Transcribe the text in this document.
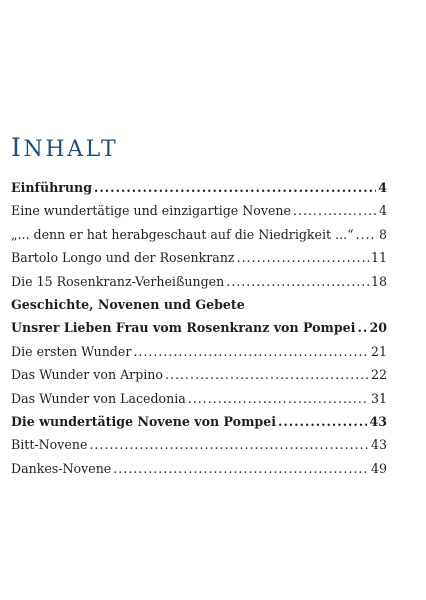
INHALT
Einführung .....	4
Eine wundertätige und einzigartige Novene .....	4
„... denn er hat herabgeschaut auf die Niedrigkeit ...“ ..... 8
Bartolo Longo und der Rosenkranz .....	11
Die 15 Rosenkranz-Verheißungen .....	18
Geschichte, Novenen und Gebete
Unsrer Lieben Frau vom Rosenkranz von Pompei ..... 20
Die ersten Wunder .....	21
Das Wunder von Arpino .....	22
Das Wunder von Lacedonia .....	31
Die wundertätige Novene von Pompei .....	43
Bitt-Novene .....	43
Dankes-Novene .....	49
